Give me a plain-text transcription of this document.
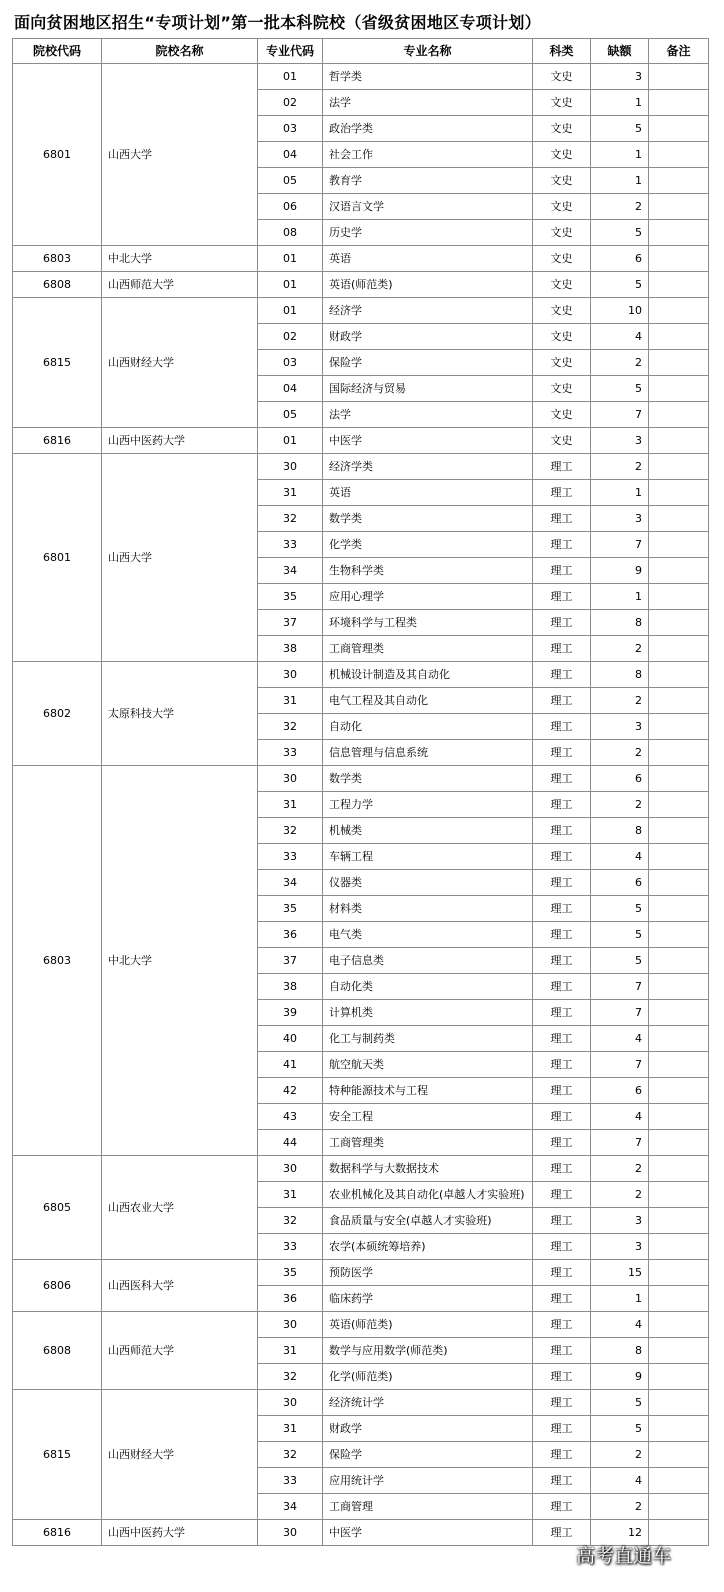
面向贫困地区招生“专项计划”第一批本科院校（省级贫困地区专项计划）
院校代码	院校名称	专业代码	专业名称	科类	缺额	备注
6801	山西大学	01	哲学类	文史	3	
		02	法学	文史	1	
		03	政治学类	文史	5	
		04	社会工作	文史	1	
		05	教育学	文史	1	
		06	汉语言文学	文史	2	
		08	历史学	文史	5	
6803	中北大学	01	英语	文史	6	
6808	山西师范大学	01	英语(师范类)	文史	5	
6815	山西财经大学	01	经济学	文史	10	
		02	财政学	文史	4	
		03	保险学	文史	2	
		04	国际经济与贸易	文史	5	
		05	法学	文史	7	
6816	山西中医药大学	01	中医学	文史	3	
6801	山西大学	30	经济学类	理工	2	
		31	英语	理工	1	
		32	数学类	理工	3	
		33	化学类	理工	7	
		34	生物科学类	理工	9	
		35	应用心理学	理工	1	
		37	环境科学与工程类	理工	8	
		38	工商管理类	理工	2	
6802	太原科技大学	30	机械设计制造及其自动化	理工	8	
		31	电气工程及其自动化	理工	2	
		32	自动化	理工	3	
		33	信息管理与信息系统	理工	2	
6803	中北大学	30	数学类	理工	6	
		31	工程力学	理工	2	
		32	机械类	理工	8	
		33	车辆工程	理工	4	
		34	仪器类	理工	6	
		35	材料类	理工	5	
		36	电气类	理工	5	
		37	电子信息类	理工	5	
		38	自动化类	理工	7	
		39	计算机类	理工	7	
		40	化工与制药类	理工	4	
		41	航空航天类	理工	7	
		42	特种能源技术与工程	理工	6	
		43	安全工程	理工	4	
		44	工商管理类	理工	7	
6805	山西农业大学	30	数据科学与大数据技术	理工	2	
		31	农业机械化及其自动化(卓越人才实验班)	理工	2	
		32	食品质量与安全(卓越人才实验班)	理工	3	
		33	农学(本硕统筹培养)	理工	3	
6806	山西医科大学	35	预防医学	理工	15	
		36	临床药学	理工	1	
6808	山西师范大学	30	英语(师范类)	理工	4	
		31	数学与应用数学(师范类)	理工	8	
		32	化学(师范类)	理工	9	
6815	山西财经大学	30	经济统计学	理工	5	
		31	财政学	理工	5	
		32	保险学	理工	2	
		33	应用统计学	理工	4	
		34	工商管理	理工	2	
6816	山西中医药大学	30	中医学	理工	12	
高考直通车
